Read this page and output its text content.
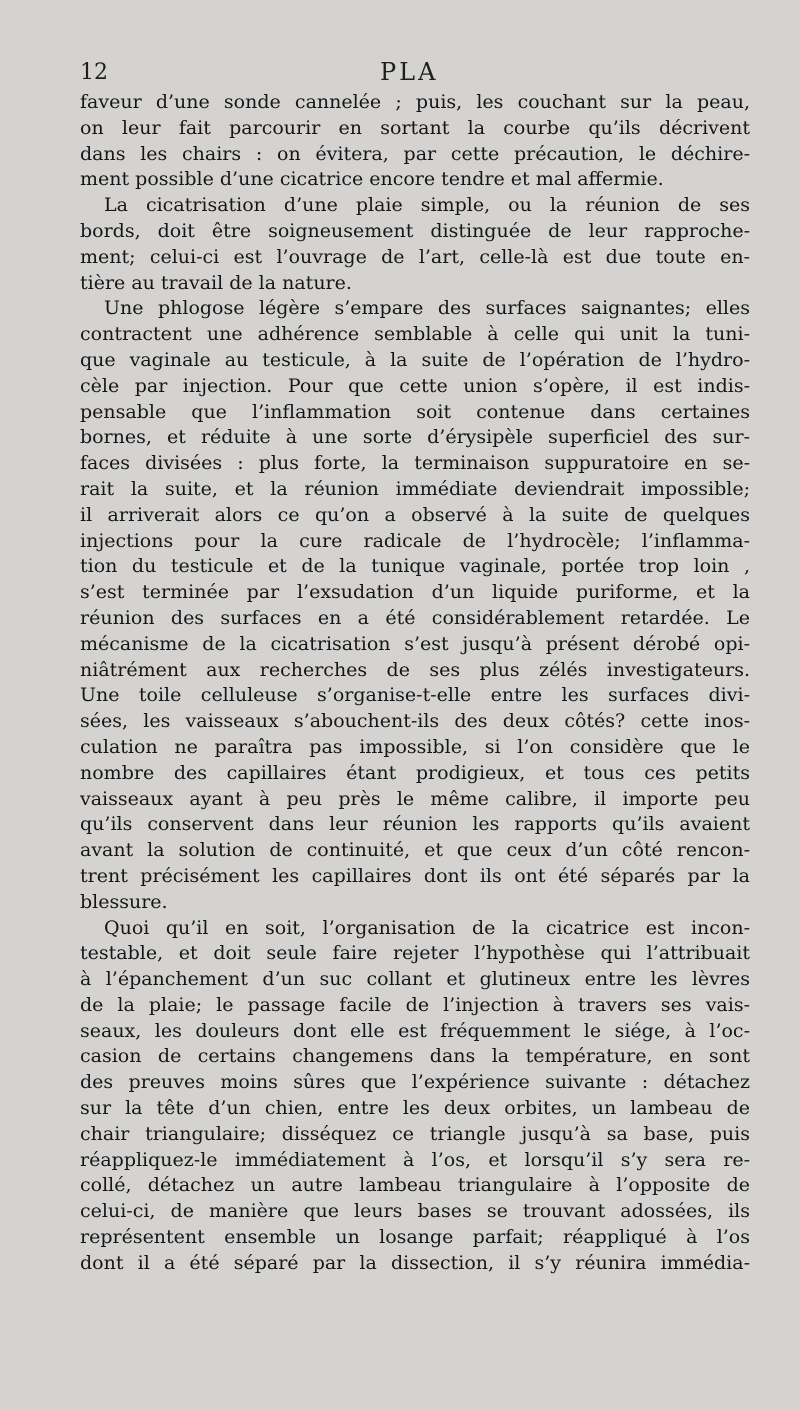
12	PLA
faveur d’une sonde cannelée ; puis, les couchant sur la peau,
on leur fait parcourir en sortant la courbe qu’ils décrivent
dans les chairs : on évitera, par cette précaution, le déchire-
ment possible d’une cicatrice encore tendre et mal affermie.
La cicatrisation d’une plaie simple, ou la réunion de ses
bords, doit être soigneusement distinguée de leur rapproche-
ment; celui-ci est l’ouvrage de l’art, celle-là est due toute en-
tière au travail de la nature.
Une phlogose légère s’empare des surfaces saignantes; elles
contractent une adhérence semblable à celle qui unit la tuni-
que vaginale au testicule, à la suite de l’opération de l’hydro-
cèle par injection. Pour que cette union s’opère, il est indis-
pensable que l’inflammation soit contenue dans certaines
bornes, et réduite à une sorte d’érysipèle superficiel des sur-
faces divisées : plus forte, la terminaison suppuratoire en se-
rait la suite, et la réunion immédiate deviendrait impossible;
il arriverait alors ce qu’on a observé à la suite de quelques
injections pour la cure radicale de l’hydrocèle; l’inflamma-
tion du testicule et de la tunique vaginale, portée trop loin ,
s’est terminée par l’exsudation d’un liquide puriforme, et la
réunion des surfaces en a été considérablement retardée. Le
mécanisme de la cicatrisation s’est jusqu’à présent dérobé opi-
niâtrément aux recherches de ses plus zélés investigateurs.
Une toile celluleuse s’organise-t-elle entre les surfaces divi-
sées, les vaisseaux s’abouchent-ils des deux côtés? cette inos-
culation ne paraîtra pas impossible, si l’on considère que le
nombre des capillaires étant prodigieux, et tous ces petits
vaisseaux ayant à peu près le même calibre, il importe peu
qu’ils conservent dans leur réunion les rapports qu’ils avaient
avant la solution de continuité, et que ceux d’un côté rencon-
trent précisément les capillaires dont ils ont été séparés par la
blessure.
Quoi qu’il en soit, l’organisation de la cicatrice est incon-
testable, et doit seule faire rejeter l’hypothèse qui l’attribuait
à l’épanchement d’un suc collant et glutineux entre les lèvres
de la plaie; le passage facile de l’injection à travers ses vais-
seaux, les douleurs dont elle est fréquemment le siége, à l’oc-
casion de certains changemens dans la température, en sont
des preuves moins sûres que l’expérience suivante : détachez
sur la tête d’un chien, entre les deux orbites, un lambeau de
chair triangulaire; disséquez ce triangle jusqu’à sa base, puis
réappliquez-le immédiatement à l’os, et lorsqu’il s’y sera re-
collé, détachez un autre lambeau triangulaire à l’opposite de
celui-ci, de manière que leurs bases se trouvant adossées, ils
représentent ensemble un losange parfait; réappliqué à l’os
dont il a été séparé par la dissection, il s’y réunira immédia-
